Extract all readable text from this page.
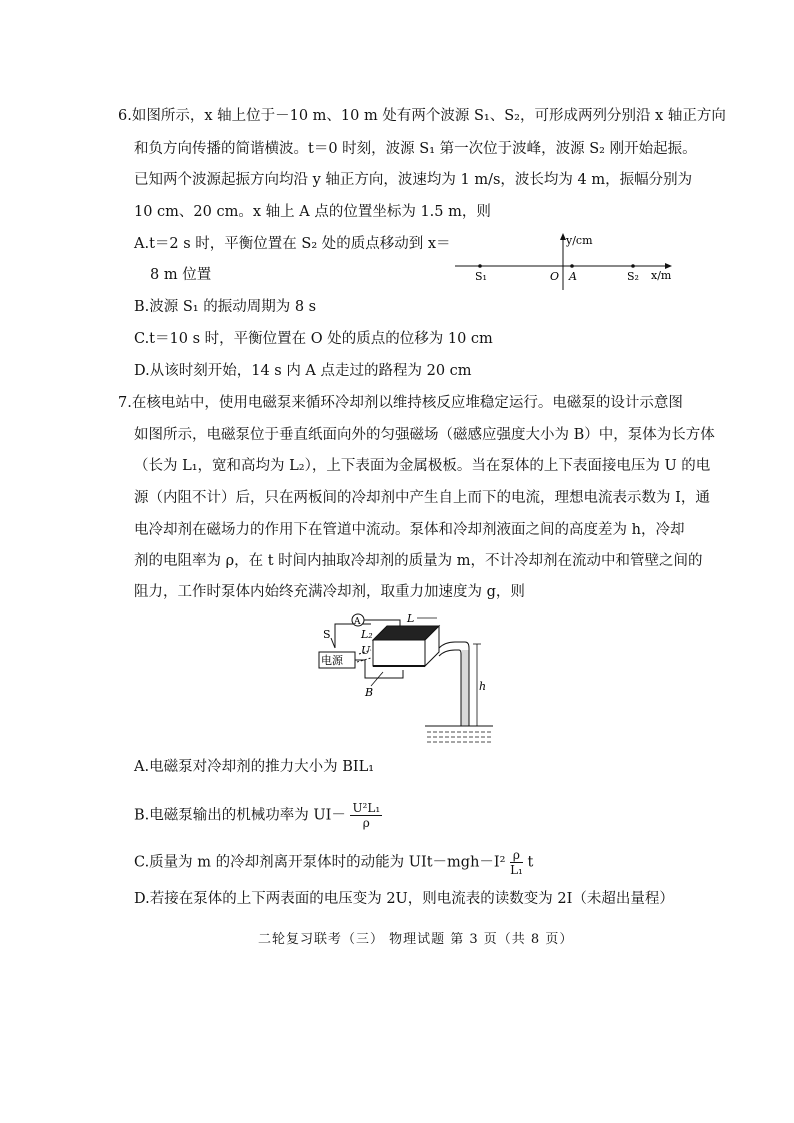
6.如图所示，x 轴上位于－10 m、10 m 处有两个波源 S₁、S₂，可形成两列分别沿 x 轴正方向
和负方向传播的简谐横波。t＝0 时刻，波源 S₁ 第一次位于波峰，波源 S₂ 刚开始起振。
已知两个波源起振方向均沿 y 轴正方向，波速均为 1 m/s，波长均为 4 m，振幅分别为
10 cm、20 cm。x 轴上 A 点的位置坐标为 1.5 m，则
A.t＝2 s 时，平衡位置在 S₂ 处的质点移动到 x＝
8 m 位置
y/cm
x/m
S₁	O A	S₂
B.波源 S₁ 的振动周期为 8 s
C.t＝10 s 时，平衡位置在 O 处的质点的位移为 10 cm
D.从该时刻开始，14 s 内 A 点走过的路程为 20 cm
7.在核电站中，使用电磁泵来循环冷却剂以维持核反应堆稳定运行。电磁泵的设计示意图
如图所示，电磁泵位于垂直纸面向外的匀强磁场（磁感应强度大小为 B）中，泵体为长方体
（长为 L₁，宽和高均为 L₂），上下表面为金属极板。当在泵体的上下表面接电压为 U 的电
源（内阻不计）后，只在两板间的冷却剂中产生自上而下的电流，理想电流表示数为 I，通
电冷却剂在磁场力的作用下在管道中流动。泵体和冷却剂液面之间的高度差为 h，冷却
剂的电阻率为 ρ，在 t 时间内抽取冷却剂的质量为 m，不计冷却剂在流动中和管壁之间的
阻力，工作时泵体内始终充满冷却剂，取重力加速度为 g，则
A
S
电源
L
L₂
U
B	h
A.电磁泵对冷却剂的推力大小为 BIL₁
B.电磁泵输出的机械功率为 $UI- \frac{\text{U²L₁}}{\rho}$
C.质量为 m 的冷却剂离开泵体时的动能为 $UIt-mgh-I^2 \frac{\rho}{\text{L₁}}$ t
D.若接在泵体的上下两表面的电压变为 2U，则电流表的读数变为 2I（未超出量程）
二轮复习联考（三） 物理试题 第 3 页（共 8 页）
